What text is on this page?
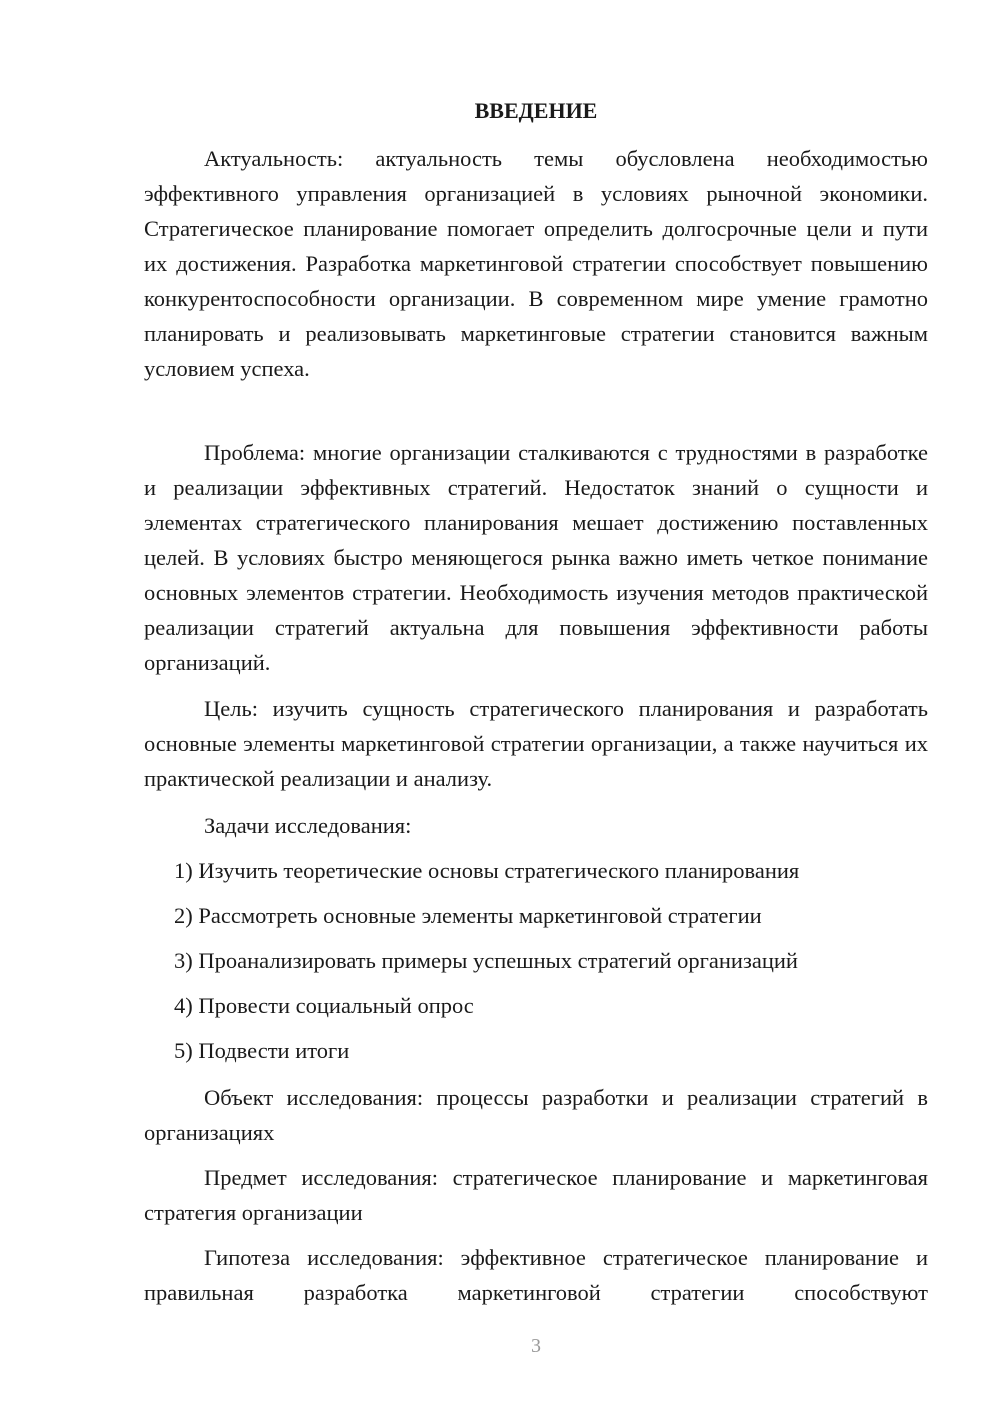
ВВЕДЕНИЕ

Актуальность: актуальность темы обусловлена необходимостью эффективного управления организацией в условиях рыночной экономики. Стратегическое планирование помогает определить долгосрочные цели и пути их достижения. Разработка маркетинговой стратегии способствует повышению конкурентоспособности организации. В современном мире умение грамотно планировать и реализовывать маркетинговые стратегии становится важным условием успеха.

Проблема: многие организации сталкиваются с трудностями в разработке и реализации эффективных стратегий. Недостаток знаний о сущности и элементах стратегического планирования мешает достижению поставленных целей. В условиях быстро меняющегося рынка важно иметь четкое понимание основных элементов стратегии. Необходимость изучения методов практической реализации стратегий актуальна для повышения эффективности работы организаций.

Цель: изучить сущность стратегического планирования и разработать основные элементы маркетинговой стратегии организации, а также научиться их практической реализации и анализу.

Задачи исследования:

1) Изучить теоретические основы стратегического планирования

2) Рассмотреть основные элементы маркетинговой стратегии

3) Проанализировать примеры успешных стратегий организаций

4) Провести социальный опрос

5) Подвести итоги

Объект исследования: процессы разработки и реализации стратегий в организациях

Предмет исследования: стратегическое планирование и маркетинговая стратегия организации

Гипотеза исследования: эффективное стратегическое планирование и правильная разработка маркетинговой стратегии способствуют

3
